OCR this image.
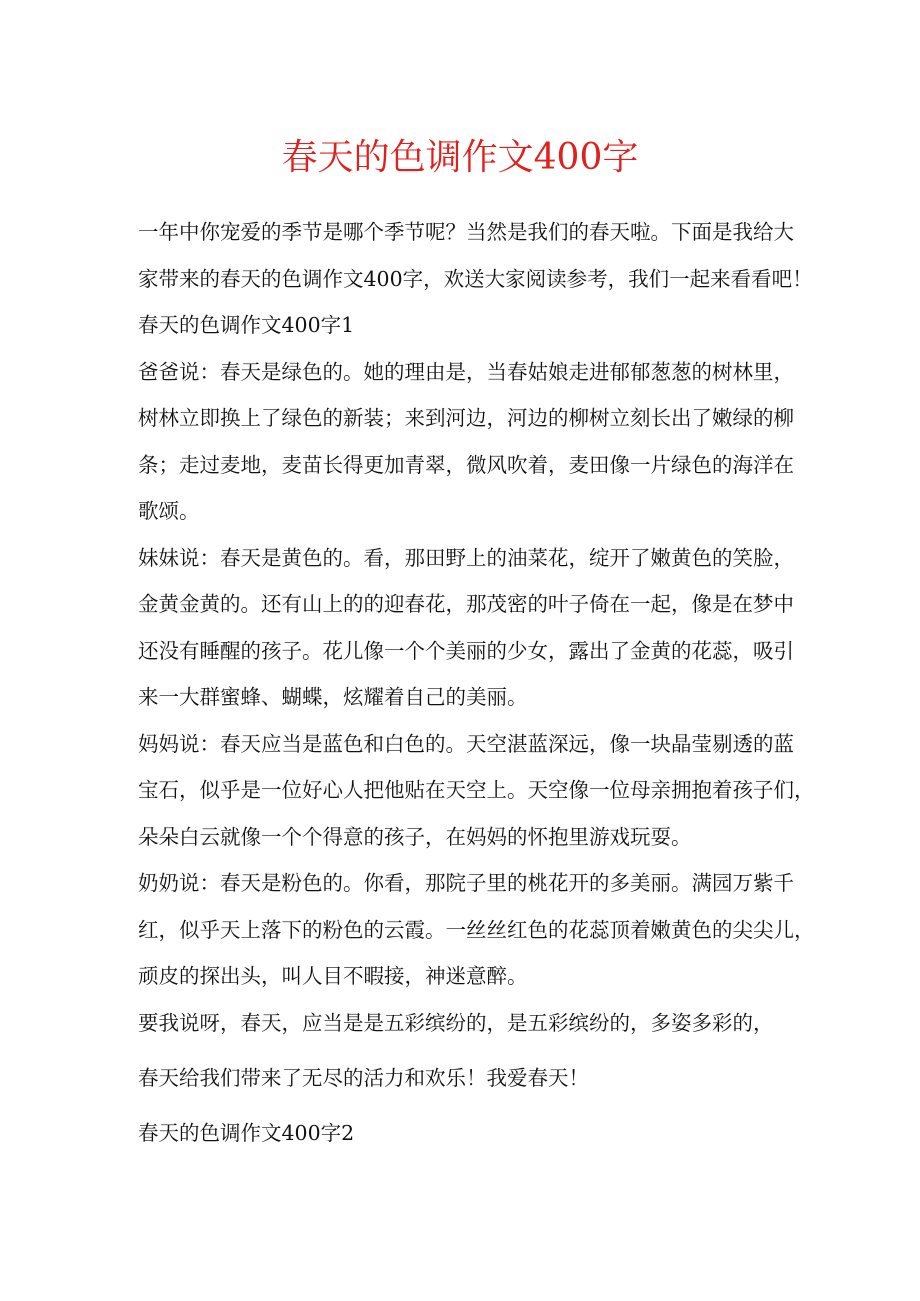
春天的色调作文400字

一年中你宠爱的季节是哪个季节呢？当然是我们的春天啦。下面是我给大

家带来的春天的色调作文400字，欢送大家阅读参考，我们一起来看看吧！

春天的色调作文400字1

爸爸说：春天是绿色的。她的理由是，当春姑娘走进郁郁葱葱的树林里，

树林立即换上了绿色的新装；来到河边，河边的柳树立刻长出了嫩绿的柳

条；走过麦地，麦苗长得更加青翠，微风吹着，麦田像一片绿色的海洋在

歌颂。

妹妹说：春天是黄色的。看，那田野上的油菜花，绽开了嫩黄色的笑脸，

金黄金黄的。还有山上的的迎春花，那茂密的叶子倚在一起，像是在梦中

还没有睡醒的孩子。花儿像一个个美丽的少女，露出了金黄的花蕊，吸引

来一大群蜜蜂、蝴蝶，炫耀着自己的美丽。

妈妈说：春天应当是蓝色和白色的。天空湛蓝深远，像一块晶莹剔透的蓝

宝石，似乎是一位好心人把他贴在天空上。天空像一位母亲拥抱着孩子们，

朵朵白云就像一个个得意的孩子，在妈妈的怀抱里游戏玩耍。

奶奶说：春天是粉色的。你看，那院子里的桃花开的多美丽。满园万紫千

红，似乎天上落下的粉色的云霞。一丝丝红色的花蕊顶着嫩黄色的尖尖儿，

顽皮的探出头，叫人目不暇接，神迷意醉。

要我说呀，春天，应当是是五彩缤纷的，是五彩缤纷的，多姿多彩的，

春天给我们带来了无尽的活力和欢乐！我爱春天！

春天的色调作文400字2
